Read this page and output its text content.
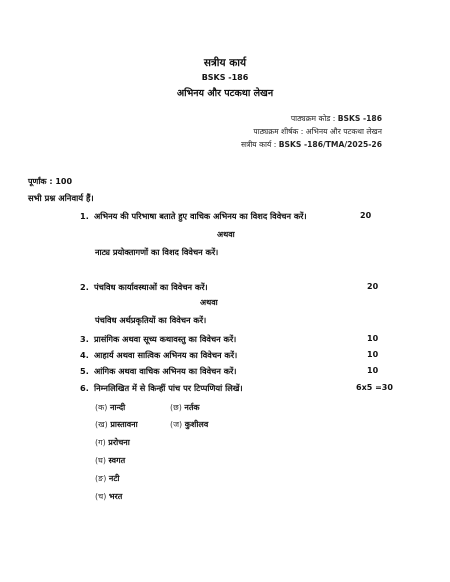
सत्रीय कार्य
BSKS -186
अभिनय और पटकथा लेखन
पाठ्यक्रम कोड : BSKS -186
पाठ्यक्रम शीर्षक : अभिनय और पटकथा लेखन
सत्रीय कार्य : BSKS -186/TMA/2025-26
पूर्णांक : 100
सभी प्रश्न अनिवार्य हैं।
1. अभिनय की परिभाषा बताते हुए वाचिक अभिनय का विशद विवेचन करें।	20
अथवा
नाट्य प्रयोक्तागणों का विशद विवेचन करें।
2. पंचविध कार्यावस्थाओं का विवेचन करें।	20
अथवा
पंचविध अर्थप्रकृतियों का विवेचन करें।
3. प्रासंगिक अथवा सूच्य कथावस्तु का विवेचन करें।	10
4. आहार्य अथवा सात्विक अभिनय का विवेचन करें।	10
5. आंगिक अथवा वाचिक अभिनय का विवेचन करें।	10
6. निम्नलिखित में से किन्हीं पांच पर टिप्पणियां लिखें।	6x5 =30
(क) नान्दी	(छ) नर्तक
(ख) प्रास्तावना	(ज) कुशीलव
(ग) प्ररोचना
(घ) स्वगत
(ङ) नटी
(च) भरत
